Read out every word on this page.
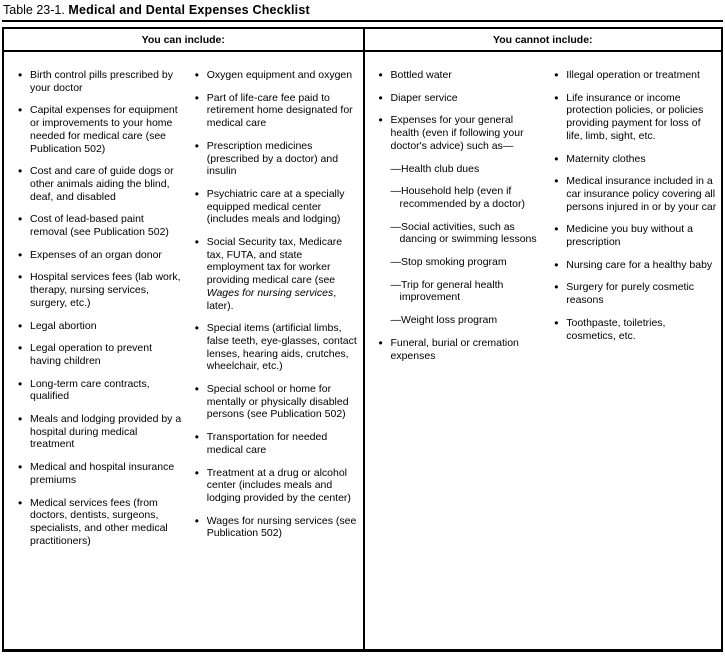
Table 23-1. Medical and Dental Expenses Checklist
You can include:	You cannot include:
• Birth control pills prescribed by your doctor
• Capital expenses for equipment or improvements to your home needed for medical care (see Publication 502)
• Cost and care of guide dogs or other animals aiding the blind, deaf, and disabled
• Cost of lead-based paint removal (see Publication 502)
• Expenses of an organ donor
• Hospital services fees (lab work, therapy, nursing services, surgery, etc.)
• Legal abortion
• Legal operation to prevent having children
• Long-term care contracts, qualified
• Meals and lodging provided by a hospital during medical treatment
• Medical and hospital insurance premiums
• Medical services fees (from doctors, dentists, surgeons, specialists, and other medical practitioners)
• Oxygen equipment and oxygen
• Part of life-care fee paid to retirement home designated for medical care
• Prescription medicines (prescribed by a doctor) and insulin
• Psychiatric care at a specially equipped medical center (includes meals and lodging)
• Social Security tax, Medicare tax, FUTA, and state employment tax for worker providing medical care (see Wages for nursing services, later).
• Special items (artificial limbs, false teeth, eye-glasses, contact lenses, hearing aids, crutches, wheelchair, etc.)
• Special school or home for mentally or physically disabled persons (see Publication 502)
• Transportation for needed medical care
• Treatment at a drug or alcohol center (includes meals and lodging provided by the center)
• Wages for nursing services (see Publication 502)
• Bottled water
• Diaper service
• Expenses for your general health (even if following your doctor's advice) such as—
—Health club dues
—Household help (even if recommended by a doctor)
—Social activities, such as dancing or swimming lessons
—Stop smoking program
—Trip for general health improvement
—Weight loss program
• Funeral, burial or cremation expenses
• Illegal operation or treatment
• Life insurance or income protection policies, or policies providing payment for loss of life, limb, sight, etc.
• Maternity clothes
• Medical insurance included in a car insurance policy covering all persons injured in or by your car
• Medicine you buy without a prescription
• Nursing care for a healthy baby
• Surgery for purely cosmetic reasons
• Toothpaste, toiletries, cosmetics, etc.
